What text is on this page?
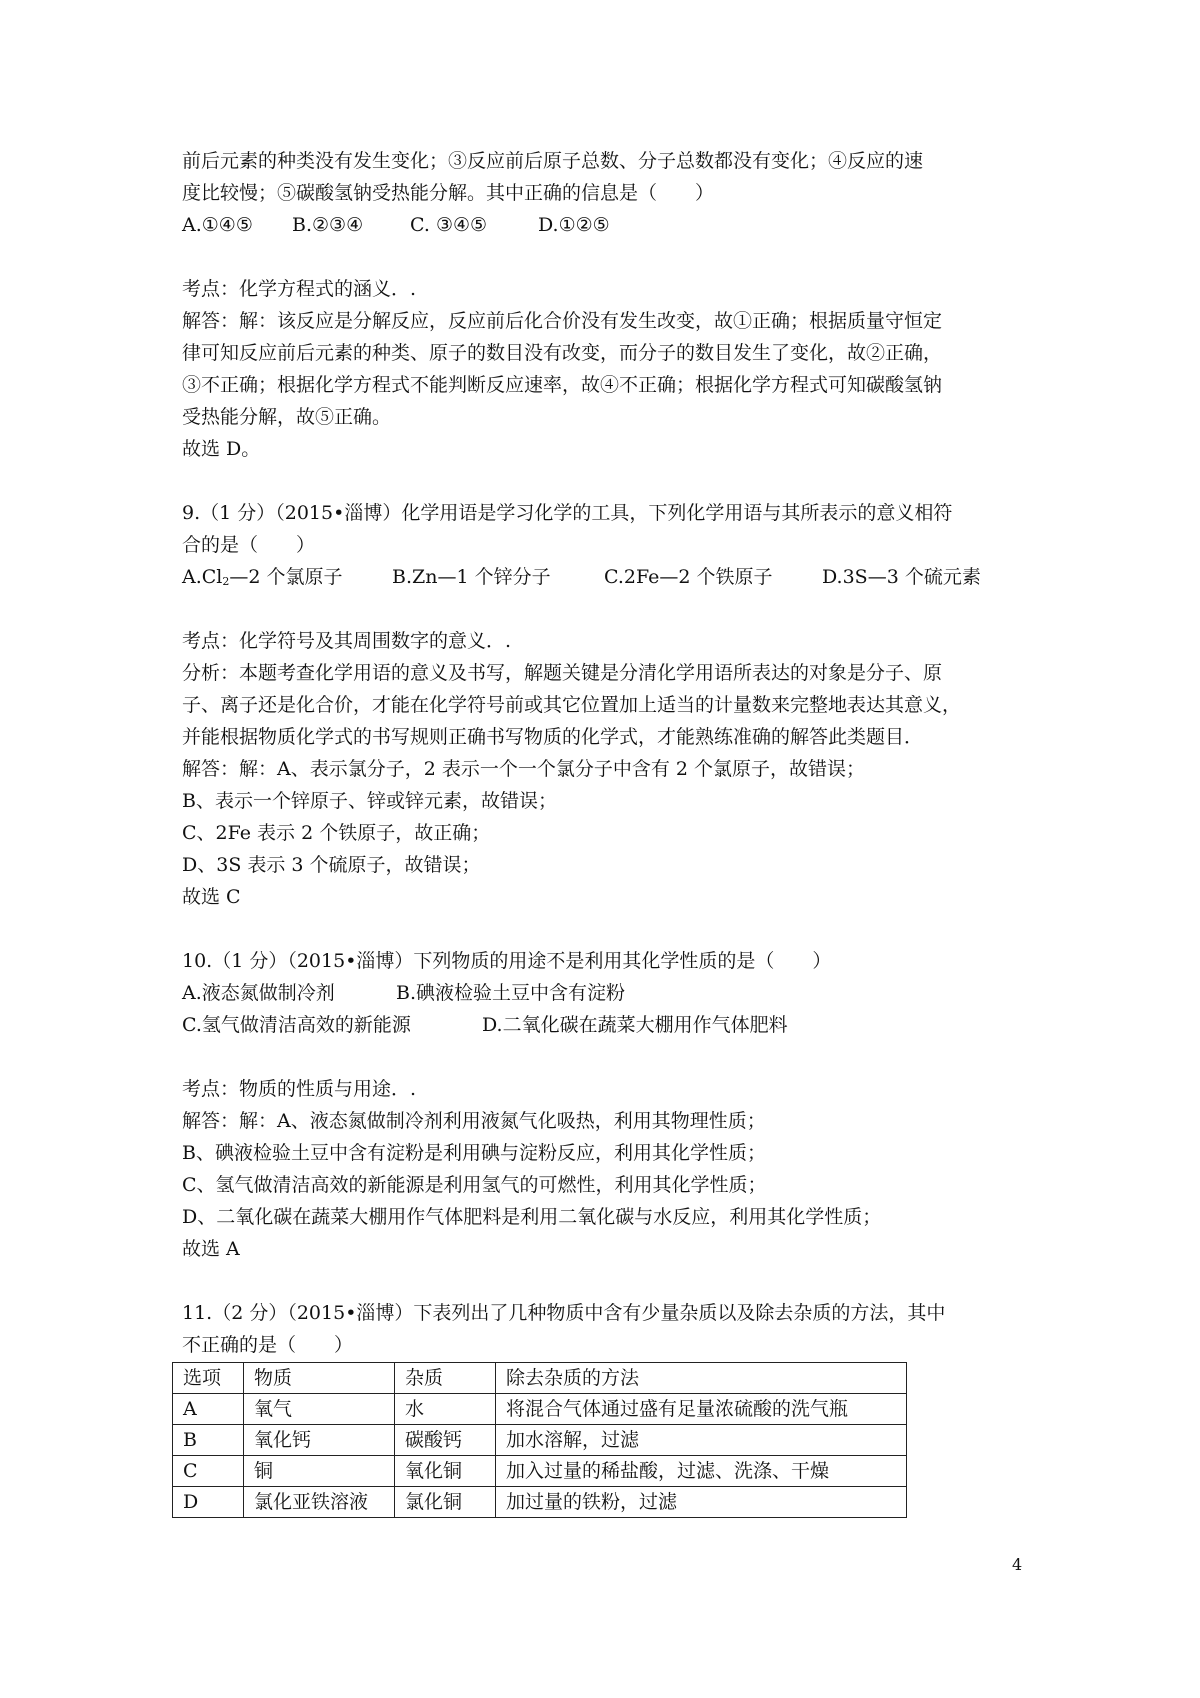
前后元素的种类没有发生变化；③反应前后原子总数、分子总数都没有变化；④反应的速
度比较慢；⑤碳酸氢钠受热能分解。其中正确的信息是（　　）
A.①④⑤	B.②③④	C. ③④⑤	D.①②⑤
考点：化学方程式的涵义．.
解答：解：该反应是分解反应，反应前后化合价没有发生改变，故①正确；根据质量守恒定
律可知反应前后元素的种类、原子的数目没有改变，而分子的数目发生了变化，故②正确，
③不正确；根据化学方程式不能判断反应速率，故④不正确；根据化学方程式可知碳酸氢钠
受热能分解，故⑤正确。
故选 D。
9.（1 分）（2015•淄博）化学用语是学习化学的工具，下列化学用语与其所表示的意义相符
合的是（　　）
$A.Cl_2—2$ 个氯原子	B.Zn—1 个锌分子	C.2Fe—2 个铁原子	D.3S—3 个硫元素
考点：化学符号及其周围数字的意义．.
分析：本题考查化学用语的意义及书写，解题关键是分清化学用语所表达的对象是分子、原
子、离子还是化合价，才能在化学符号前或其它位置加上适当的计量数来完整地表达其意义，
并能根据物质化学式的书写规则正确书写物质的化学式，才能熟练准确的解答此类题目．
解答：解：A、表示氯分子，2 表示一个一个氯分子中含有 2 个氯原子，故错误；
B、表示一个锌原子、锌或锌元素，故错误；
C、2Fe 表示 2 个铁原子，故正确；
D、3S 表示 3 个硫原子，故错误；
故选 C
10.（1 分）（2015•淄博）下列物质的用途不是利用其化学性质的是（　　）
A.液态氮做制冷剂	B.碘液检验土豆中含有淀粉
C.氢气做清洁高效的新能源	D.二氧化碳在蔬菜大棚用作气体肥料
考点：物质的性质与用途．.
解答：解：A、液态氮做制冷剂利用液氮气化吸热，利用其物理性质；
B、碘液检验土豆中含有淀粉是利用碘与淀粉反应，利用其化学性质；
C、氢气做清洁高效的新能源是利用氢气的可燃性，利用其化学性质；
D、二氧化碳在蔬菜大棚用作气体肥料是利用二氧化碳与水反应，利用其化学性质；
故选 A
11.（2 分）（2015•淄博）下表列出了几种物质中含有少量杂质以及除去杂质的方法，其中
不正确的是（　　）
选项	物质	杂质	除去杂质的方法
A	氧气	水	将混合气体通过盛有足量浓硫酸的洗气瓶
B	氧化钙	碳酸钙	加水溶解，过滤
C	铜	氧化铜	加入过量的稀盐酸，过滤、洗涤、干燥
D	氯化亚铁溶液	氯化铜	加过量的铁粉，过滤
4
